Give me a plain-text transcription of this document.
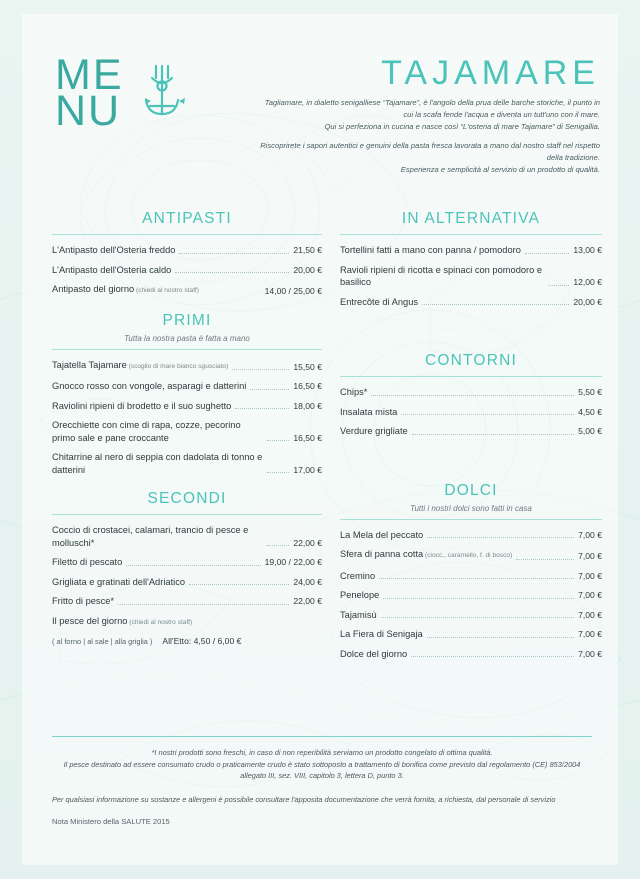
ME
NU
TAJAMARE

Tagliamare, in dialetto senigalliese “Tajamare”, è l'angolo della prua delle barche storiche, il punto in cui la scafa fende l'acqua e diventa un tutt'uno con il mare.

Qui si perfeziona in cucina e nasce così “L'osteria di mare Tajamare” di Senigallia.

Riscoprirete i sapori autentici e genuini della pasta fresca lavorata a mano dal nostro staff nel rispetto della tradizione.

Esperienza e semplicità al servizio di un prodotto di qualità.

ANTIPASTI
L'Antipasto dell'Osteria freddo	21,50 €
L'Antipasto dell'Osteria caldo	20,00 €
Antipasto del giorno (chiedi al nostro staff)	14,00 / 25,00 €
PRIMI
Tutta la nostra pasta è fatta a mano
Tajatella Tajamare (scoglio di mare bianco sgusciato)	15,50 €
Gnocco rosso con vongole, asparagi e datterini	16,50 €
Raviolini ripieni di brodetto e il suo sughetto	18,00 €
Orecchiette con cime di rapa, cozze, pecorino primo sale e pane croccante	16,50 €
Chitarrine al nero di seppia con dadolata di tonno e datterini	17,00 €
SECONDI
Coccio di crostacei, calamari, trancio di pesce e molluschi*	22,00 €
Filetto di pescato	19,00 / 22,00 €
Grigliata e gratinati dell'Adriatico	24,00 €
Fritto di pesce*	22,00 €
Il pesce del giorno (chiedi al nostro staff)
( al forno | al sale | alla griglia ) All'Etto: 4,50 / 6,00 €
IN ALTERNATIVA
Tortellini fatti a mano con panna / pomodoro	13,00 €
Ravioli ripieni di ricotta e spinaci con pomodoro e basilico	12,00 €
Entrecôte di Angus	20,00 €
CONTORNI
Chips*	5,50 €
Insalata mista	4,50 €
Verdure grigliate	5,00 €
DOLCI
Tutti i nostri dolci sono fatti in casa
La Mela del peccato	7,00 €
Sfera di panna cotta (ciocc., caramello, f. di bosco)	7,00 €
Cremino	7,00 €
Penelope	7,00 €
Tajamisù	7,00 €
La Fiera di Senigaja	7,00 €
Dolce del giorno	7,00 €
*I nostri prodotti sono freschi, in caso di non reperibilità serviamo un prodotto congelato di ottima qualità.
Il pesce destinato ad essere consumato crudo o praticamente crudo è stato sottoposto a trattamento di bonifica come previsto dal regolamento (CE) 853/2004 allegato III, sez. VIII, capitolo 3, lettera D, punto 3.
Per qualsiasi informazione su sostanze e allergeni è possibile consultare l'apposita documentazione che verrà fornita, a richiesta, dal personale di servizio
Nota Ministero della SALUTE 2015
